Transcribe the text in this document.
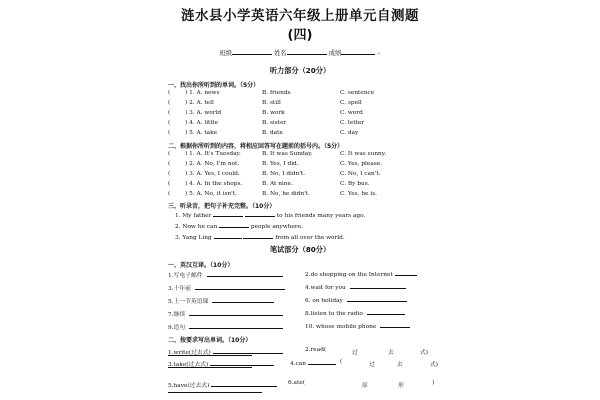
涟水县小学英语六年级上册单元自测题
(四)
班级	姓名	成绩	↵
听力部分（20分）
一、找出你所听到的单词。（5分）
(	) 1. A. news	B. friends	C. sentence
(	) 2. A. tell	B. still	C. spell
(	) 3. A. world	B. work	C. word
(	) 4. A. little	B. sister	C. letter
(	) 5. A. take	B. date	C. day
二、根据你所听到的内容，将相应回答写在题前的括号内。（5分）
(	) 1. A. It's Tuesday.	B. It was Sunday.	C. It was sunny.
(	) 2. A. No, I'm not.	B. Yes, I did.	C. Yes, please.
(	) 3. A. Yes, I could.	B. No, I didn't.	C. No, I can't.
(	) 4. A. In the shops.	B. At nine.	C. By bus.
(	) 5. A. No, it isn't.	B. No, he didn't.	C. Yes, he is.
三、听录音，把句子补充完整。（10分）
1. My father	to his friends many years ago.
2. Now he can	people anywhere.
3. Yang Ling	from all over the world.
笔试部分（80分）
一、英汉互译。（10分）
1.写电子邮件	2.do shopping on the Internet
3.十年前	4.wait for you
5.上一节英语课	6. on holiday
7.继续	8.listen to the radio
9.造句	10. whose mobile phone
二、按要求写出单词。（10分）
1.write(过去式)	2.read(	过	去	式)
3.take(过去式)	4.can	(	过	去	式)
5.have(过去式)	6.ate(	原	形	)
